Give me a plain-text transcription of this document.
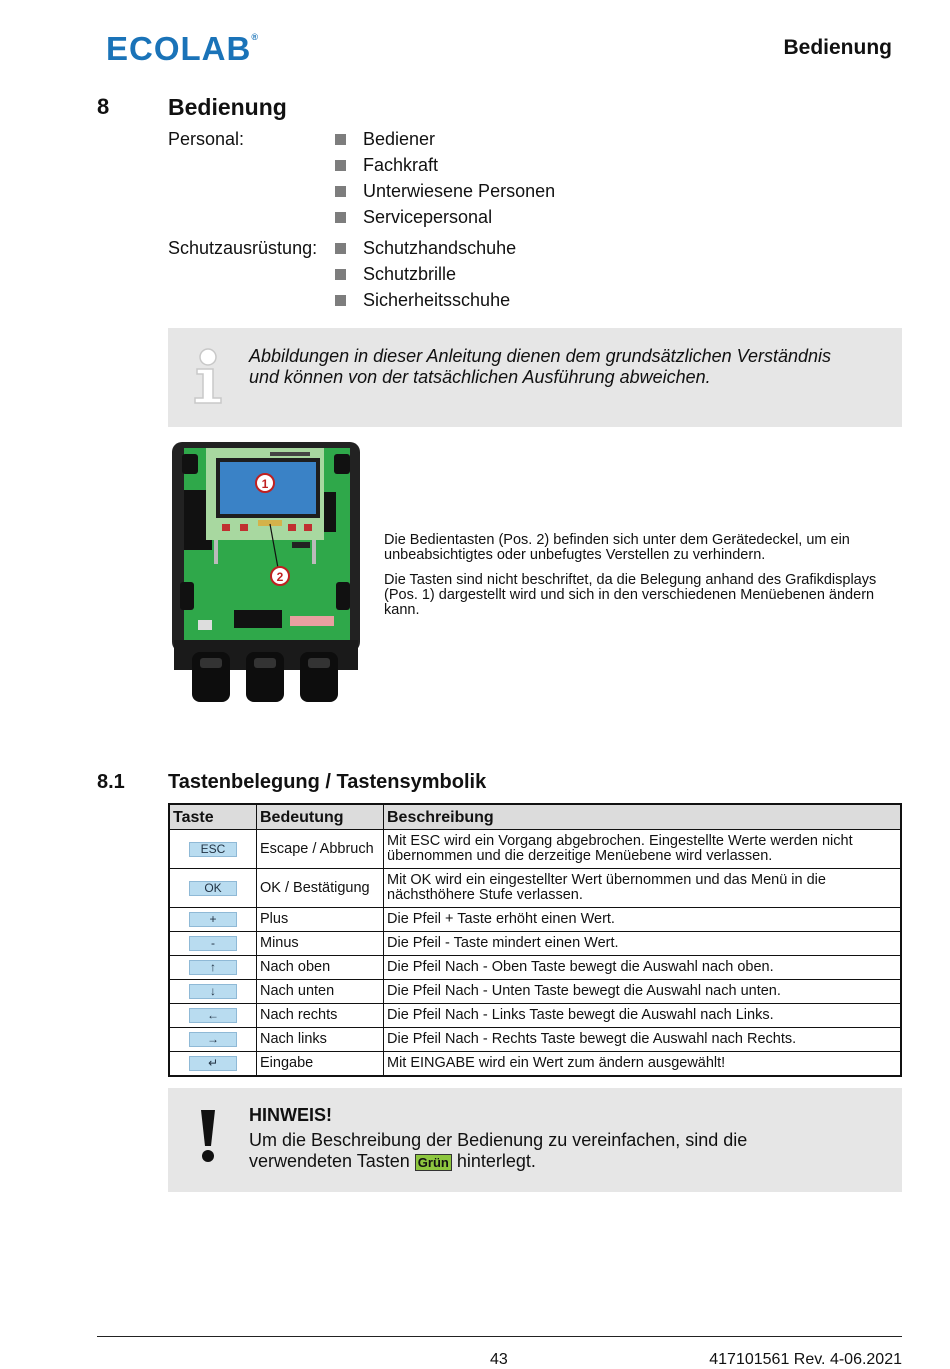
ECOLAB®	Bedienung
8	Bedienung
Personal:	Bediener
Fachkraft
Unterwiesene Personen
Servicepersonal
Schutzausrüstung:	Schutzhandschuhe
Schutzbrille
Sicherheitsschuhe
Abbildungen in dieser Anleitung dienen dem grundsätzlichen Verständnis
und können von der tatsächlichen Ausführung abweichen.
1
2
Die Bedientasten (Pos. 2) befinden sich unter dem Gerätedeckel, um ein unbeabsichtigtes oder unbefugtes Verstellen zu verhindern.
Die Tasten sind nicht beschriftet, da die Belegung anhand des Grafikdisplays (Pos. 1) dargestellt wird und sich in den verschiedenen Menüebenen ändern kann.
8.1 Tastenbelegung / Tastensymbolik
Taste	Bedeutung	Beschreibung
ESC	Escape / Abbruch	Mit ESC wird ein Vorgang abgebrochen. Eingestellte Werte werden nicht übernommen und die derzeitige Menüebene wird verlassen.
OK	OK / Bestätigung	Mit OK wird ein eingestellter Wert übernommen und das Menü in die nächsthöhere Stufe verlassen.
+	Plus	Die Pfeil + Taste erhöht einen Wert.
-	Minus	Die Pfeil - Taste mindert einen Wert.
↑	Nach oben	Die Pfeil Nach - Oben Taste bewegt die Auswahl nach oben.
↓	Nach unten	Die Pfeil Nach - Unten Taste bewegt die Auswahl nach unten.
←	Nach rechts	Die Pfeil Nach - Links Taste bewegt die Auswahl nach Links.
→	Nach links	Die Pfeil Nach - Rechts Taste bewegt die Auswahl nach Rechts.
↵	Eingabe	Mit EINGABE wird ein Wert zum ändern ausgewählt!
HINWEIS!
Um die Beschreibung der Bedienung zu vereinfachen, sind die
verwendeten Tasten Grün hinterlegt.
43	417101561 Rev. 4-06.2021
